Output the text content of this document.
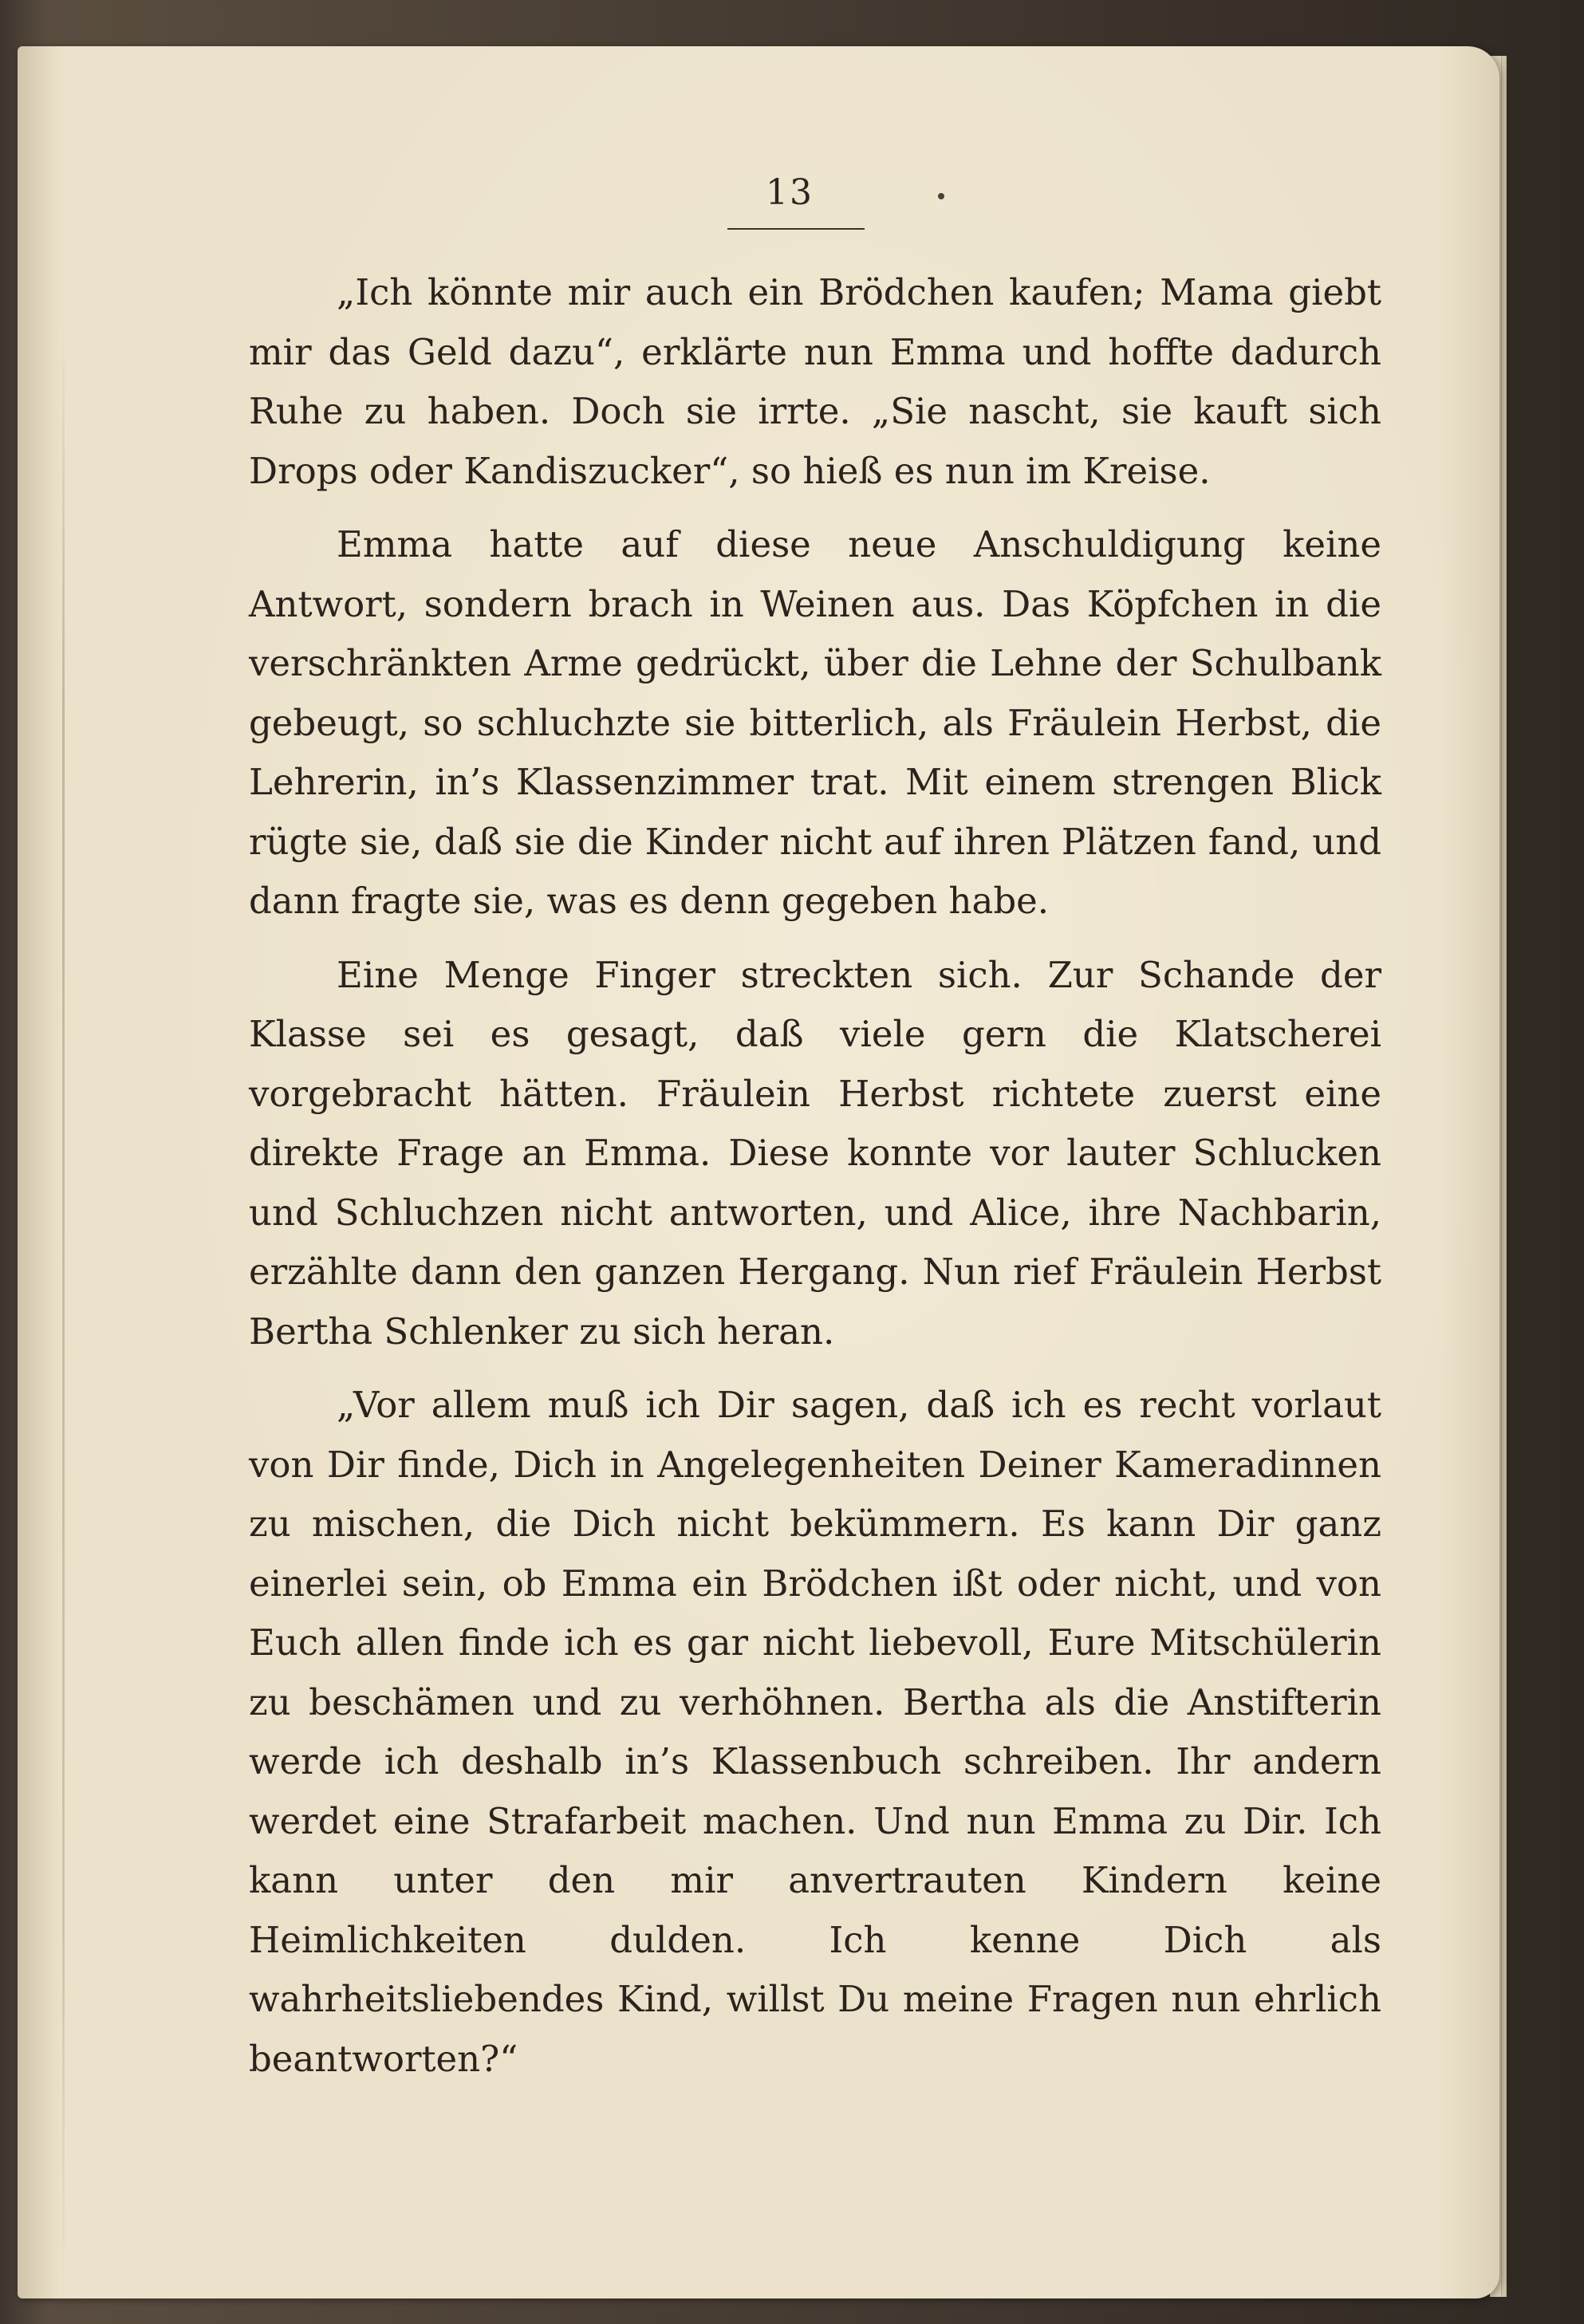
13

„Ich könnte mir auch ein Brödchen kaufen; Mama giebt mir das Geld dazu“, erklärte nun Emma und hoffte dadurch Ruhe zu haben. Doch sie irrte. „Sie nascht, sie kauft sich Drops oder Kandiszucker“, so hieß es nun im Kreise.

Emma hatte auf diese neue Anschuldigung keine Antwort, sondern brach in Weinen aus. Das Köpfchen in die verschränkten Arme gedrückt, über die Lehne der Schulbank gebeugt, so schluchzte sie bitterlich, als Fräulein Herbst, die Lehrerin, in’s Klassenzimmer trat. Mit einem strengen Blick rügte sie, daß sie die Kinder nicht auf ihren Plätzen fand, und dann fragte sie, was es denn gegeben habe.

Eine Menge Finger streckten sich. Zur Schande der Klasse sei es gesagt, daß viele gern die Klatscherei vorgebracht hätten. Fräulein Herbst richtete zuerst eine direkte Frage an Emma. Diese konnte vor lauter Schlucken und Schluchzen nicht antworten, und Alice, ihre Nachbarin, erzählte dann den ganzen Hergang. Nun rief Fräulein Herbst Bertha Schlenker zu sich heran.

„Vor allem muß ich Dir sagen, daß ich es recht vorlaut von Dir finde, Dich in Angelegenheiten Deiner Kameradinnen zu mischen, die Dich nicht bekümmern. Es kann Dir ganz einerlei sein, ob Emma ein Brödchen ißt oder nicht, und von Euch allen finde ich es gar nicht liebevoll, Eure Mitschülerin zu beschämen und zu verhöhnen. Bertha als die Anstifterin werde ich deshalb in’s Klassenbuch schreiben. Ihr andern werdet eine Strafarbeit machen. Und nun Emma zu Dir. Ich kann unter den mir anvertrauten Kindern keine Heimlichkeiten dulden. Ich kenne Dich als wahrheitsliebendes Kind, willst Du meine Fragen nun ehrlich beantworten?“
